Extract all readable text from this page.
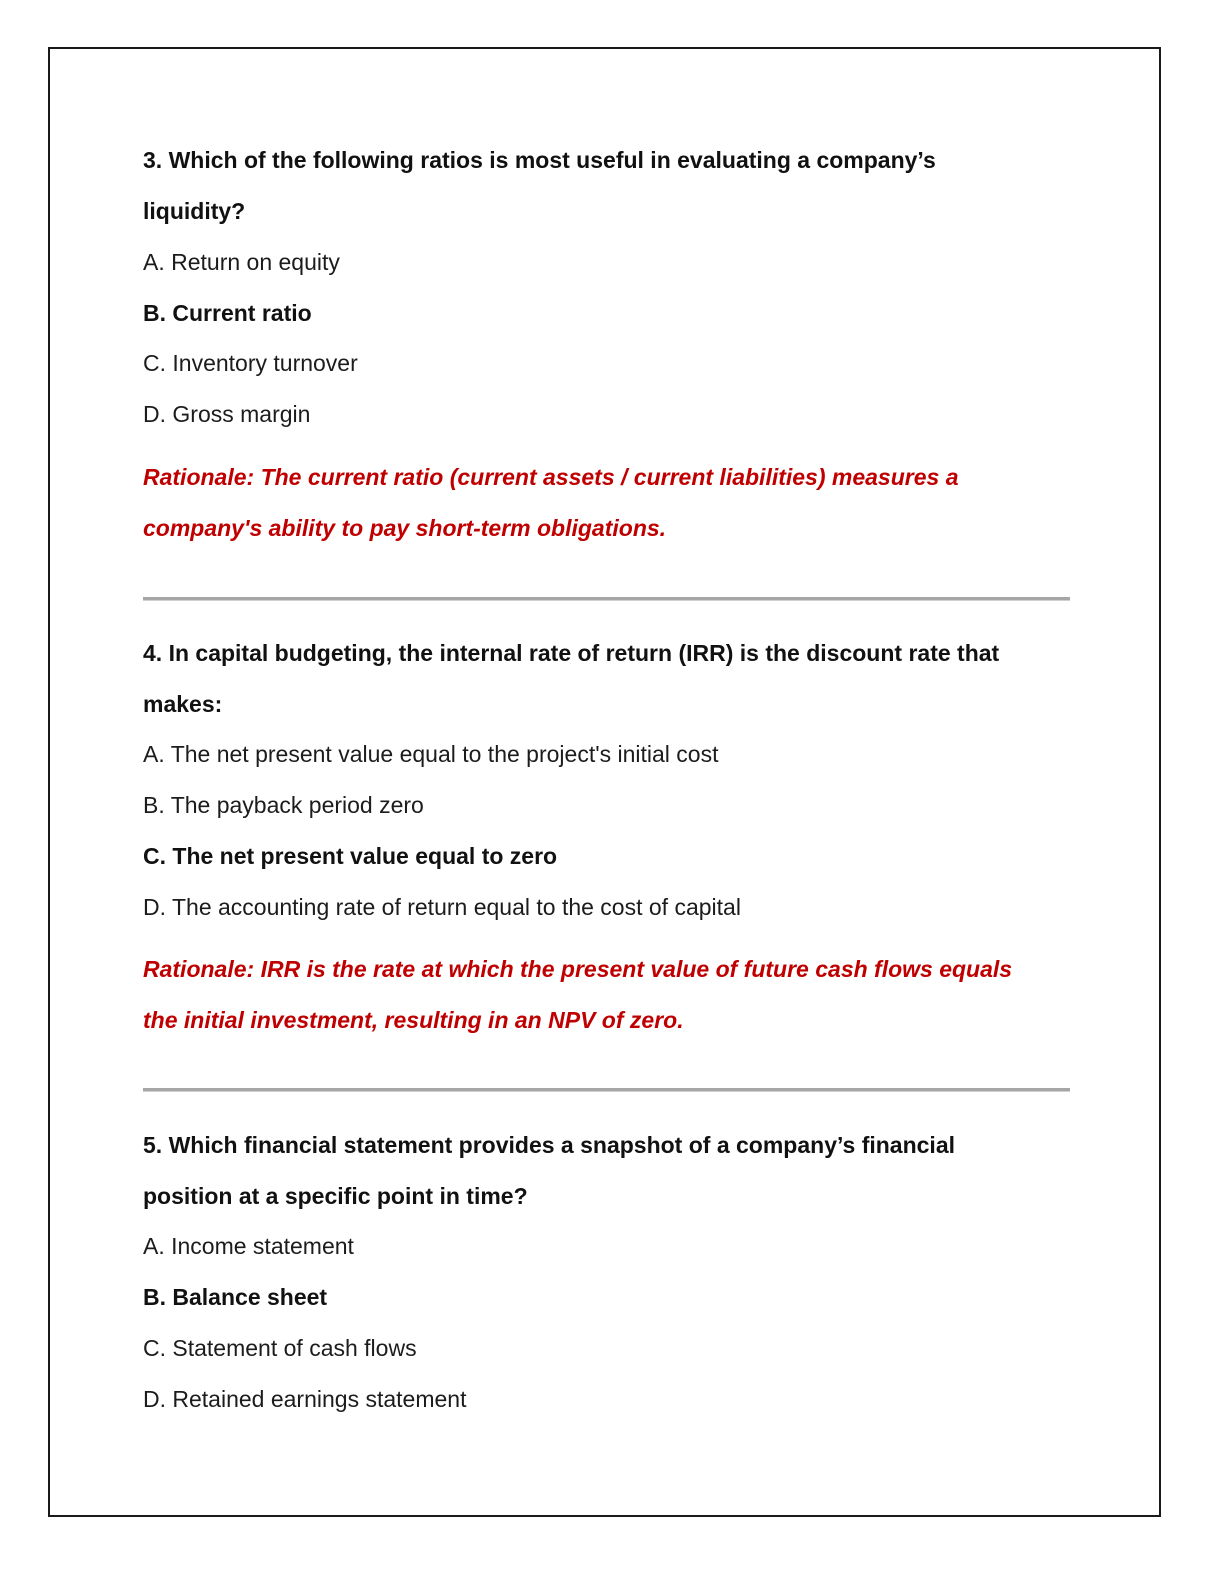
3. Which of the following ratios is most useful in evaluating a company’s
liquidity?
A. Return on equity
B. Current ratio
C. Inventory turnover
D. Gross margin
Rationale: The current ratio (current assets / current liabilities) measures a
company's ability to pay short-term obligations.
4. In capital budgeting, the internal rate of return (IRR) is the discount rate that
makes:
A. The net present value equal to the project's initial cost
B. The payback period zero
C. The net present value equal to zero
D. The accounting rate of return equal to the cost of capital
Rationale: IRR is the rate at which the present value of future cash flows equals
the initial investment, resulting in an NPV of zero.
5. Which financial statement provides a snapshot of a company’s financial
position at a specific point in time?
A. Income statement
B. Balance sheet
C. Statement of cash flows
D. Retained earnings statement
